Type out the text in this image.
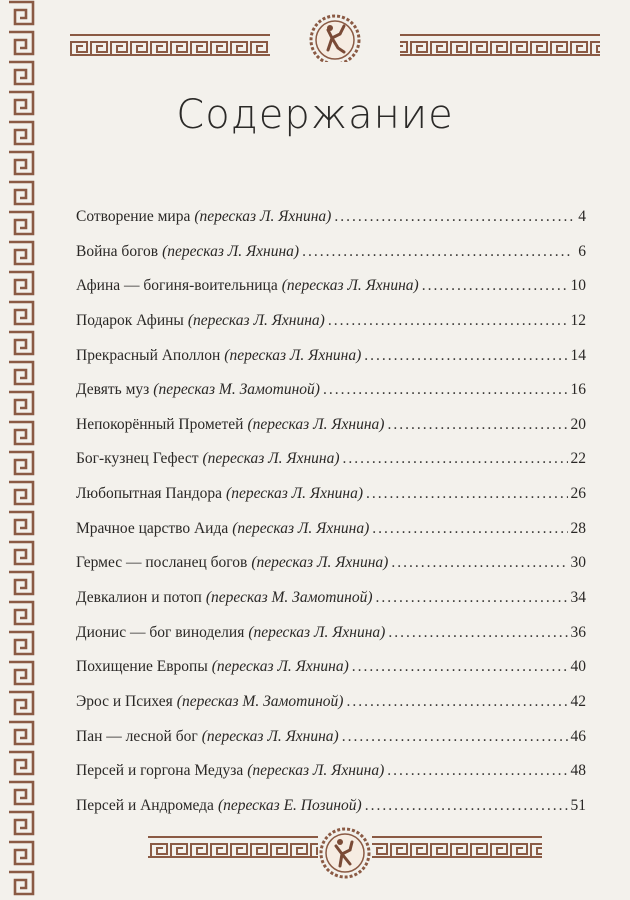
Содержание
Сотворение мира (пересказ Л. Яхнина) .....	4
Война богов (пересказ Л. Яхнина) .....	6
Афина — богиня-воительница (пересказ Л. Яхнина) .....	10
Подарок Афины (пересказ Л. Яхнина) .....	12
Прекрасный Аполлон (пересказ Л. Яхнина) .....	14
Девять муз (пересказ М. Замотиной) .....	16
Непокорённый Прометей (пересказ Л. Яхнина) .....	20
Бог-кузнец Гефест (пересказ Л. Яхнина) .....	22
Любопытная Пандора (пересказ Л. Яхнина) .....	26
Мрачное царство Аида (пересказ Л. Яхнина) .....	28
Гермес — посланец богов (пересказ Л. Яхнина) .....	30
Девкалион и потоп (пересказ М. Замотиной) .....	34
Дионис — бог виноделия (пересказ Л. Яхнина) .....	36
Похищение Европы (пересказ Л. Яхнина) .....	40
Эрос и Психея (пересказ М. Замотиной) .....	42
Пан — лесной бог (пересказ Л. Яхнина) .....	46
Персей и горгона Медуза (пересказ Л. Яхнина) .....	48
Персей и Андромеда (пересказ Е. Позиной) .....	51
